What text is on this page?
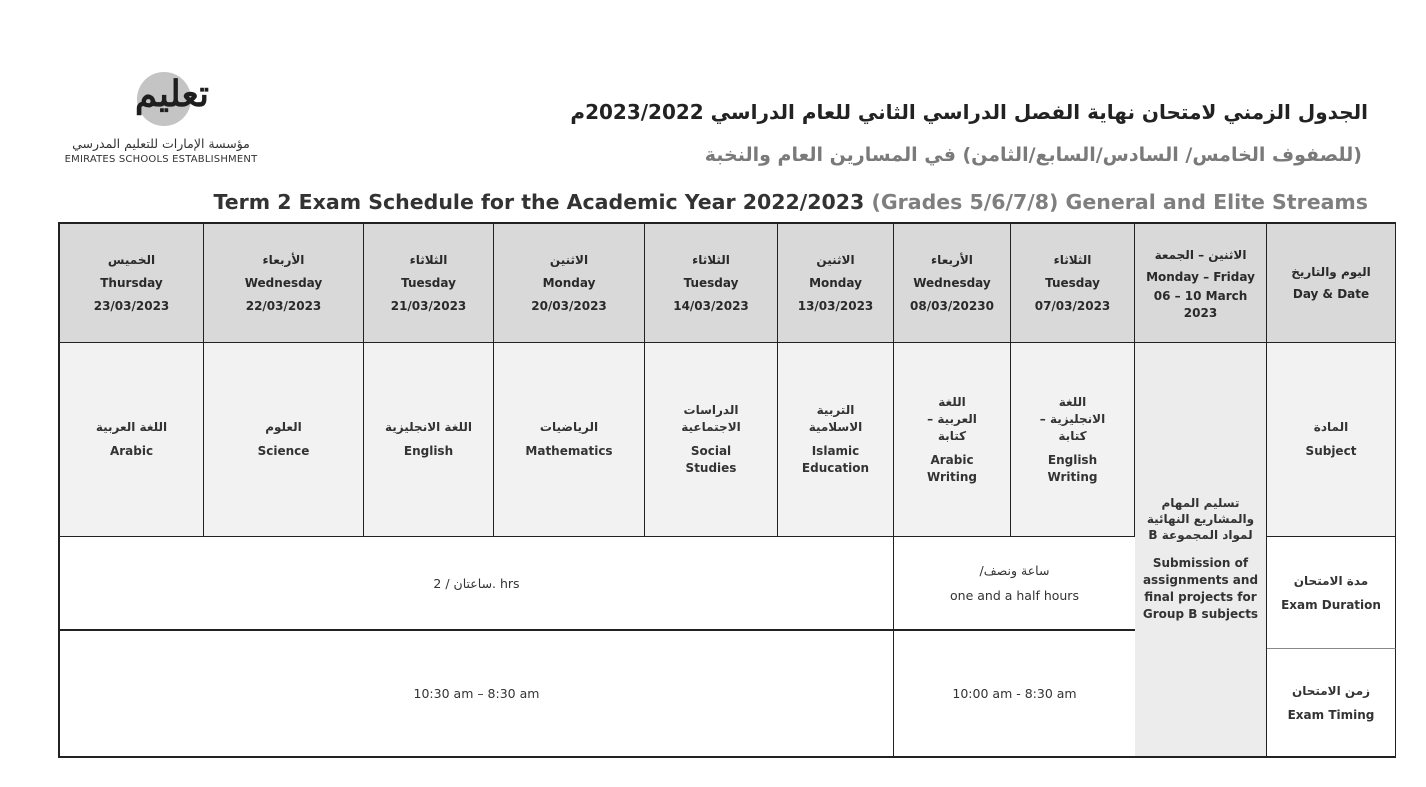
تعليم
مؤسسة الإمارات للتعليم المدرسي
EMIRATES SCHOOLS ESTABLISHMENT
الجدول الزمني لامتحان نهاية الفصل الدراسي الثاني للعام الدراسي 2023/2022م
(للصفوف الخامس/ السادس/السابع/الثامن) في المسارين العام والنخبة
Term 2 Exam Schedule for the Academic Year 2022/2023 (Grades 5/6/7/8) General and Elite Streams
الخميس
Thursday
23/03/2023
الأربعاء
Wednesday
22/03/2023
الثلاثاء
Tuesday
21/03/2023
الاثنين
Monday
20/03/2023
الثلاثاء
Tuesday
14/03/2023
الاثنين
Monday
13/03/2023
الأربعاء
Wednesday
08/03/20230
الثلاثاء
Tuesday
07/03/2023
الاثنين – الجمعة
Monday – Friday
06 – 10 March 2023
اليوم والتاريخ
Day & Date
اللغة العربية
Arabic
العلوم
Science
اللغة الانجليزية
English
الرياضيات
Mathematics
الدراسات الاجتماعية
Social Studies
التربية الاسلامية
Islamic Education
اللغة العربية – كتابة
Arabic Writing
اللغة الانجليزية – كتابة
English Writing
المادة
Subject
تسليم المهام والمشاريع النهائية لمواد المجموعة B
Submission of assignments and final projects for Group B subjects
ساعتان / 2. hrs
ساعة ونصف/
one and a half hours
مدة الامتحان
Exam Duration
10:30 am – 8:30 am	10:00 am - 8:30 am	زمن الامتحان
Exam Timing
